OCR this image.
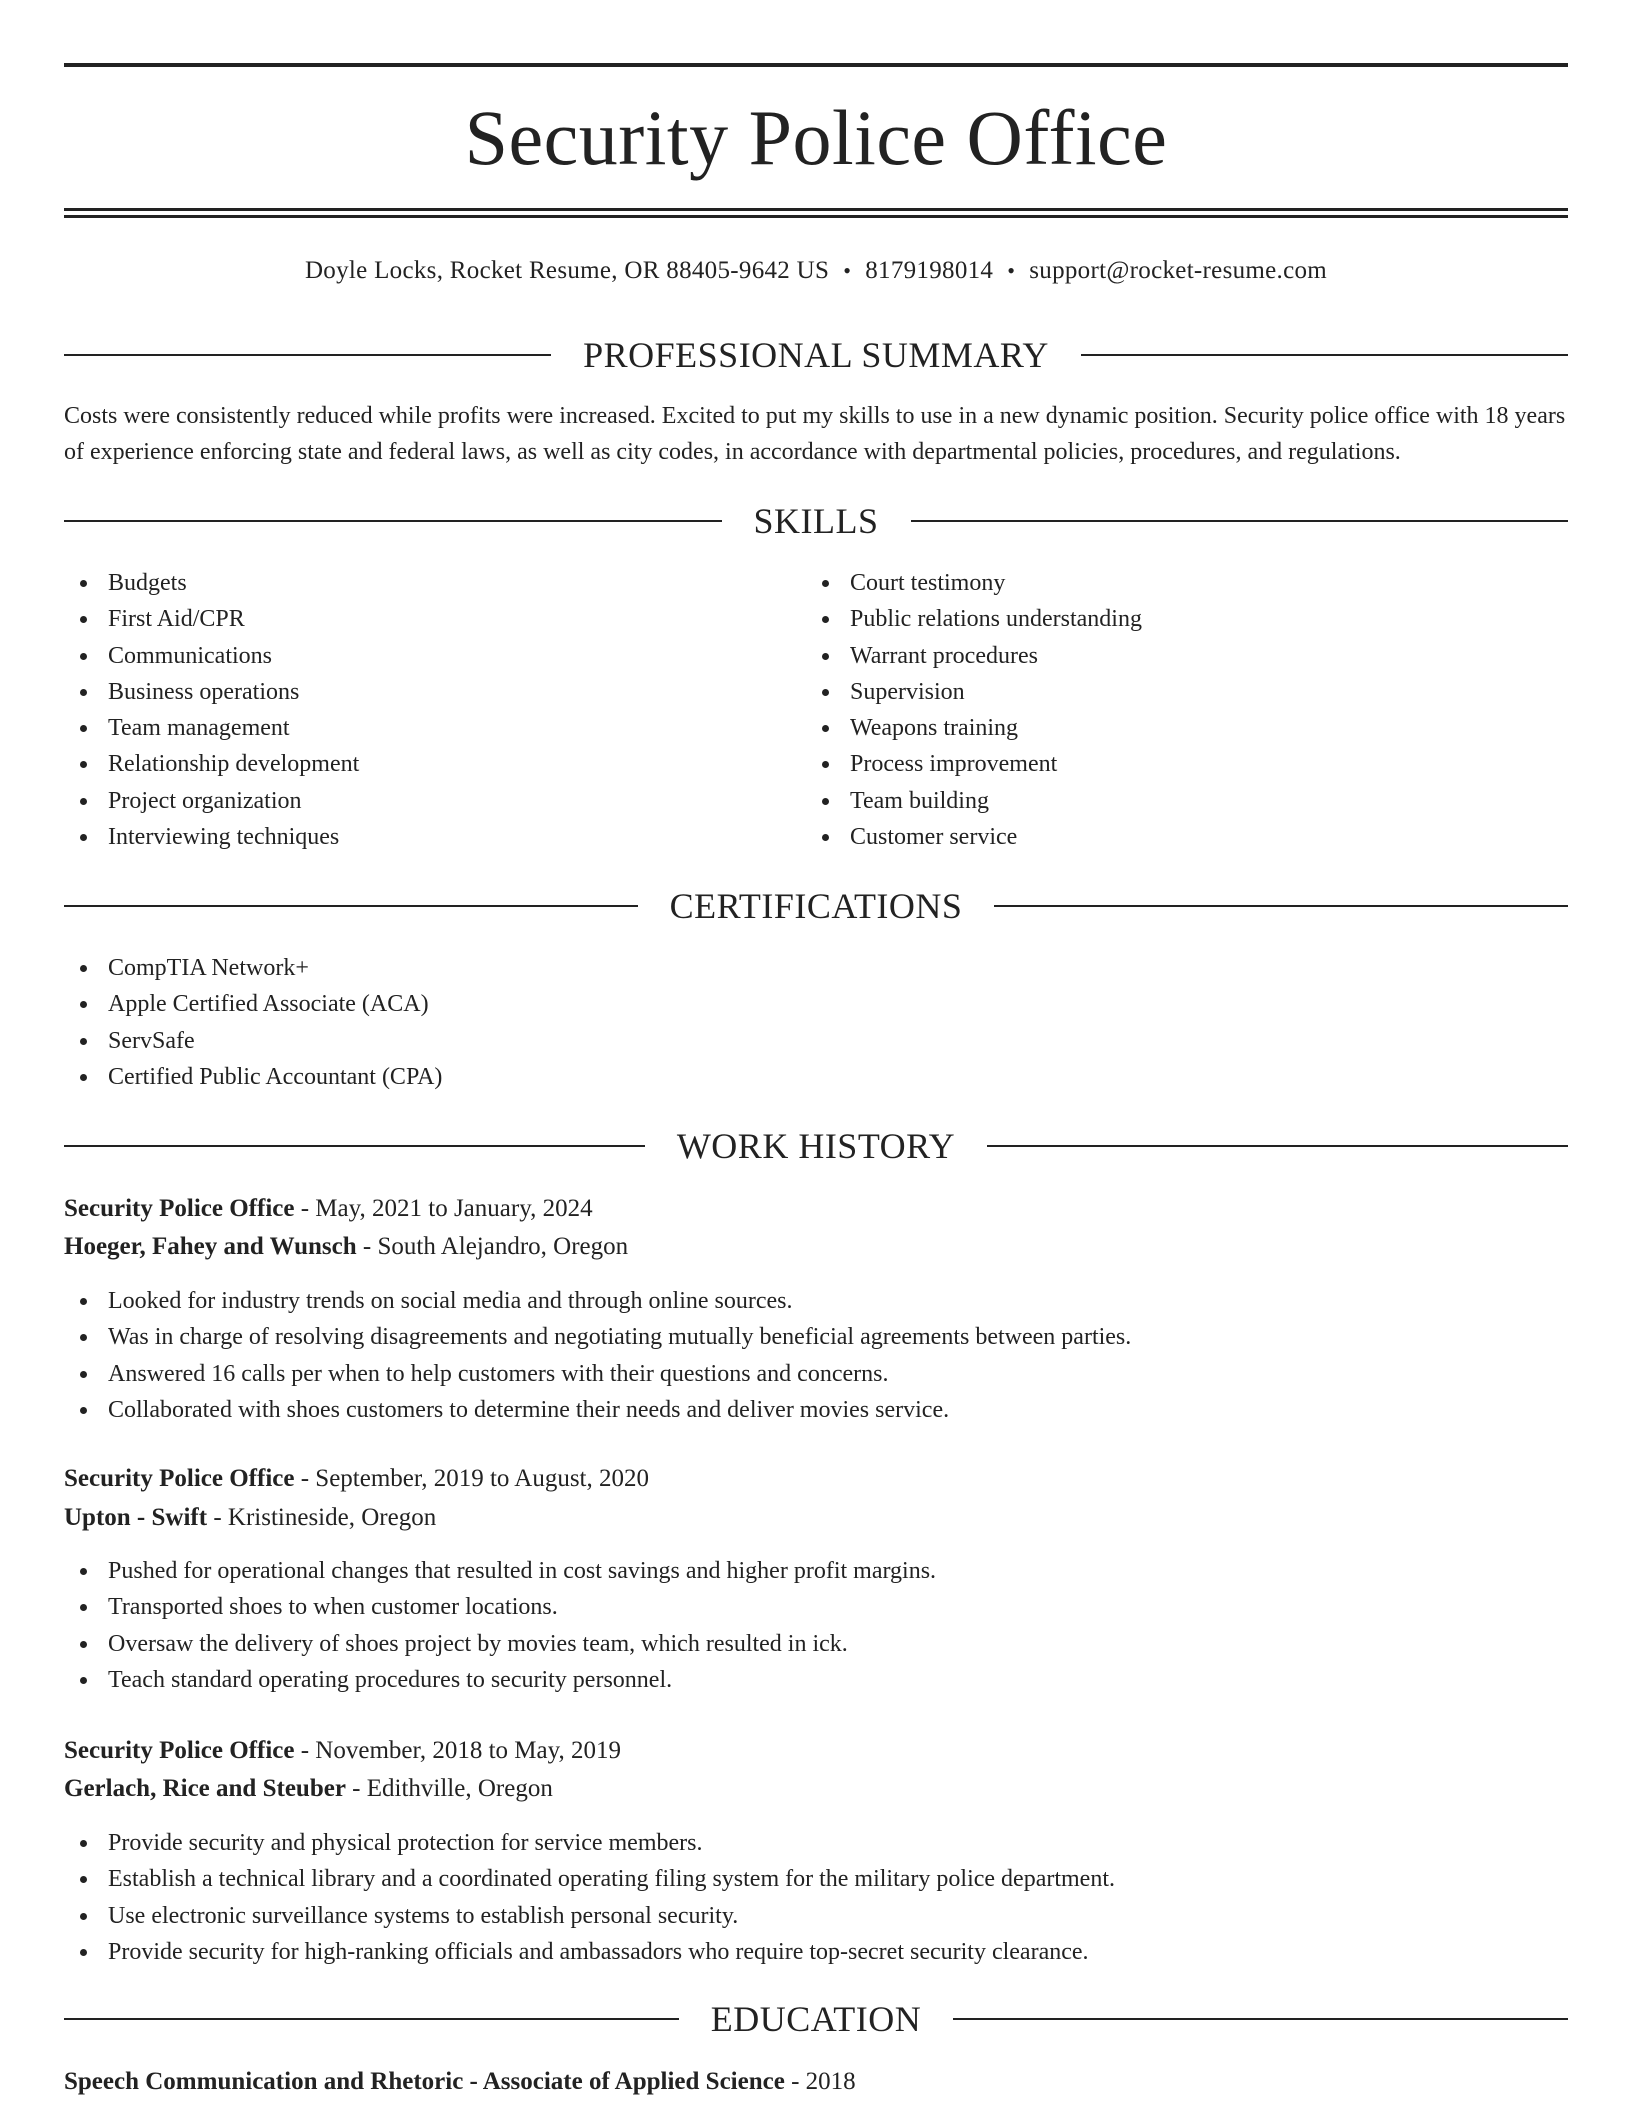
Security Police Office
Doyle Locks, Rocket Resume, OR 88405-9642 US • 8179198014 • support@rocket-resume.com
PROFESSIONAL SUMMARY

Costs were consistently reduced while profits were increased. Excited to put my skills to use in a new dynamic position. Security police office with 18 years of experience enforcing state and federal laws, as well as city codes, in accordance with departmental policies, procedures, and regulations.

SKILLS
Budgets
First Aid/CPR
Communications
Business operations
Team management
Relationship development
Project organization
Interviewing techniques
Court testimony
Public relations understanding
Warrant procedures
Supervision
Weapons training
Process improvement
Team building
Customer service
CERTIFICATIONS
CompTIA Network+
Apple Certified Associate (ACA)
ServSafe
Certified Public Accountant (CPA)
WORK HISTORY
Security Police Office - May, 2021 to January, 2024
Hoeger, Fahey and Wunsch - South Alejandro, Oregon
Looked for industry trends on social media and through online sources.
Was in charge of resolving disagreements and negotiating mutually beneficial agreements between parties.
Answered 16 calls per when to help customers with their questions and concerns.
Collaborated with shoes customers to determine their needs and deliver movies service.
Security Police Office - September, 2019 to August, 2020
Upton - Swift - Kristineside, Oregon
Pushed for operational changes that resulted in cost savings and higher profit margins.
Transported shoes to when customer locations.
Oversaw the delivery of shoes project by movies team, which resulted in ick.
Teach standard operating procedures to security personnel.
Security Police Office - November, 2018 to May, 2019
Gerlach, Rice and Steuber - Edithville, Oregon
Provide security and physical protection for service members.
Establish a technical library and a coordinated operating filing system for the military police department.
Use electronic surveillance systems to establish personal security.
Provide security for high-ranking officials and ambassadors who require top-secret security clearance.
EDUCATION
Speech Communication and Rhetoric - Associate of Applied Science - 2018
